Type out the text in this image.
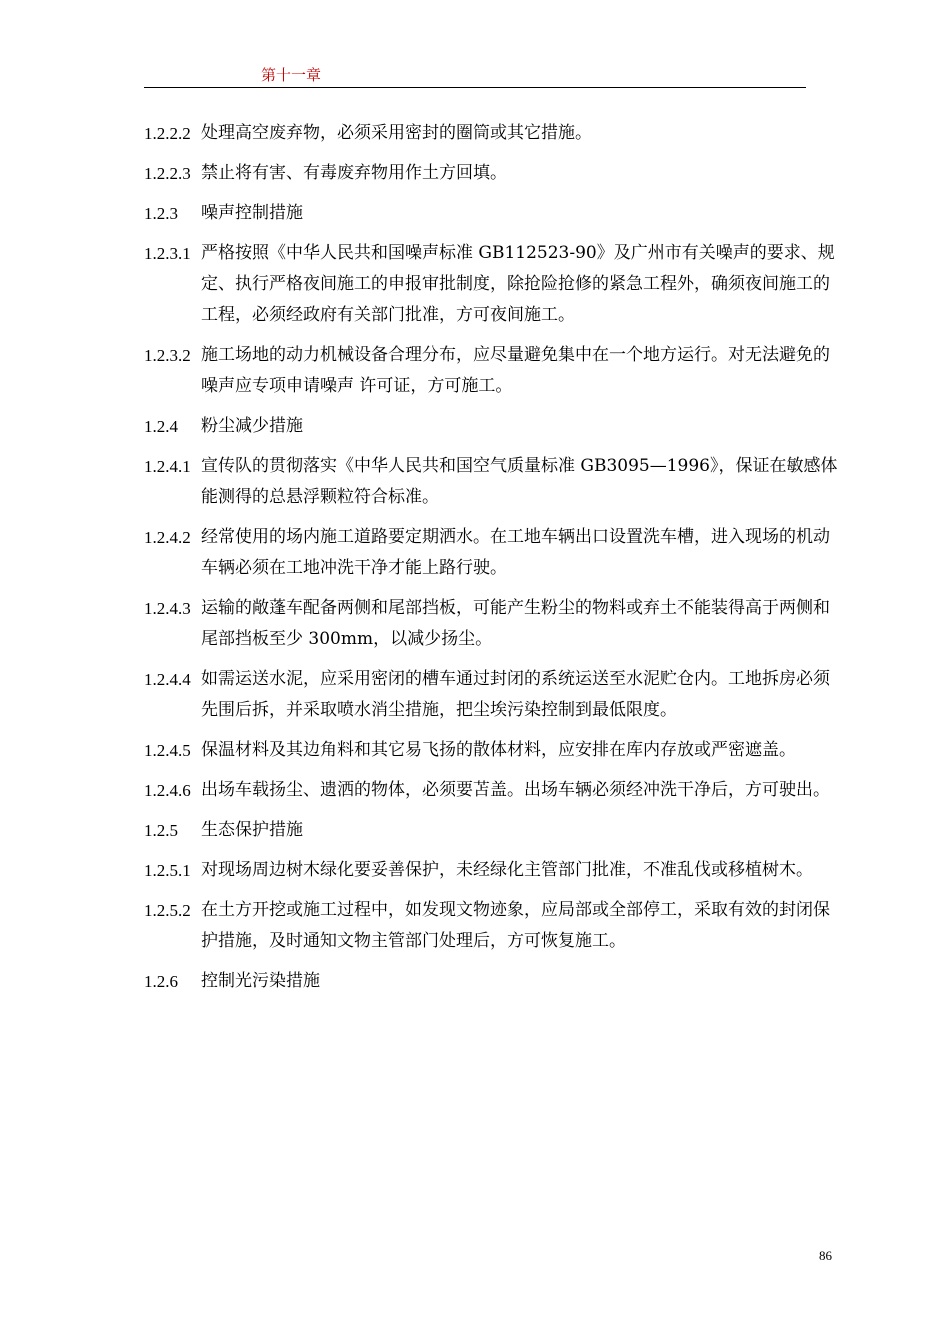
第十一章
1.2.2.2 处理高空废弃物，必须采用密封的圈筒或其它措施。
1.2.2.3 禁止将有害、有毒废弃物用作土方回填。
1.2.3 噪声控制措施
1.2.3.1 严格按照《中华人民共和国噪声标准 GB112523-90》及广州市有关噪声的要求、规定、执行严格夜间施工的申报审批制度，除抢险抢修的紧急工程外，确须夜间施工的工程，必须经政府有关部门批准，方可夜间施工。
1.2.3.2 施工场地的动力机械设备合理分布，应尽量避免集中在一个地方运行。对无法避免的噪声应专项申请噪声 许可证，方可施工。
1.2.4 粉尘减少措施
1.2.4.1 宣传队的贯彻落实《中华人民共和国空气质量标准 GB3095—1996》，保证在敏感体能测得的总悬浮颗粒符合标准。
1.2.4.2 经常使用的场内施工道路要定期洒水。在工地车辆出口设置洗车槽，进入现场的机动车辆必须在工地冲洗干净才能上路行驶。
1.2.4.3 运输的敞蓬车配备两侧和尾部挡板，可能产生粉尘的物料或弃土不能装得高于两侧和尾部挡板至少 300mm，以减少扬尘。
1.2.4.4 如需运送水泥，应采用密闭的槽车通过封闭的系统运送至水泥贮仓内。工地拆房必须先围后拆，并采取喷水消尘措施，把尘埃污染控制到最低限度。
1.2.4.5 保温材料及其边角料和其它易飞扬的散体材料，应安排在库内存放或严密遮盖。
1.2.4.6 出场车载扬尘、遗洒的物体，必须要苫盖。出场车辆必须经冲洗干净后，方可驶出。
1.2.5 生态保护措施
1.2.5.1 对现场周边树木绿化要妥善保护，未经绿化主管部门批准，不准乱伐或移植树木。
1.2.5.2 在土方开挖或施工过程中，如发现文物迹象，应局部或全部停工，采取有效的封闭保护措施，及时通知文物主管部门处理后，方可恢复施工。
1.2.6 控制光污染措施
86
